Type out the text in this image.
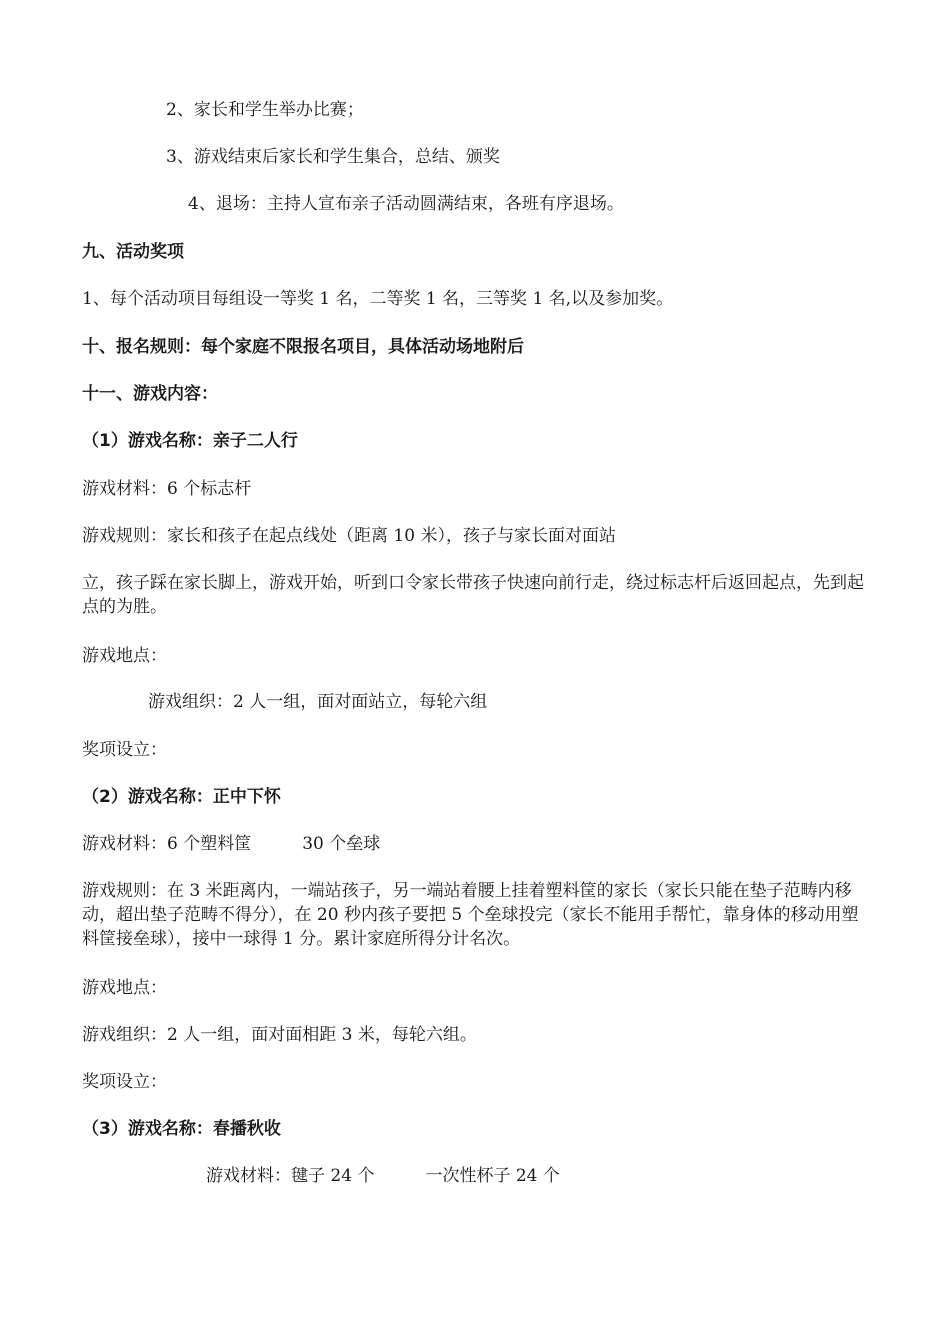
2、家长和学生举办比赛；
3、游戏结束后家长和学生集合，总结、颁奖
4、退场：主持人宣布亲子活动圆满结束，各班有序退场。
九、活动奖项
1、每个活动项目每组设一等奖 1 名，二等奖 1 名，三等奖 1 名,以及参加奖。
十、报名规则：每个家庭不限报名项目，具体活动场地附后
十一、游戏内容：
（1）游戏名称：亲子二人行
游戏材料：6 个标志杆
游戏规则：家长和孩子在起点线处（距离 10 米），孩子与家长面对面站
立，孩子踩在家长脚上，游戏开始，听到口令家长带孩子快速向前行走，绕过标志杆后返回起点，先到起点的为胜。
游戏地点：
游戏组织：2 人一组，面对面站立，每轮六组
奖项设立：
（2）游戏名称：正中下怀
游戏材料：6 个塑料筐　　　30 个垒球
游戏规则：在 3 米距离内，一端站孩子，另一端站着腰上挂着塑料筐的家长（家长只能在垫子范畴内移动，超出垫子范畴不得分），在 20 秒内孩子要把 5 个垒球投完（家长不能用手帮忙，靠身体的移动用塑料筐接垒球），接中一球得 1 分。累计家庭所得分计名次。
游戏地点：
游戏组织：2 人一组，面对面相距 3 米，每轮六组。
奖项设立：
（3）游戏名称：春播秋收
游戏材料：毽子 24 个　　　一次性杯子 24 个
